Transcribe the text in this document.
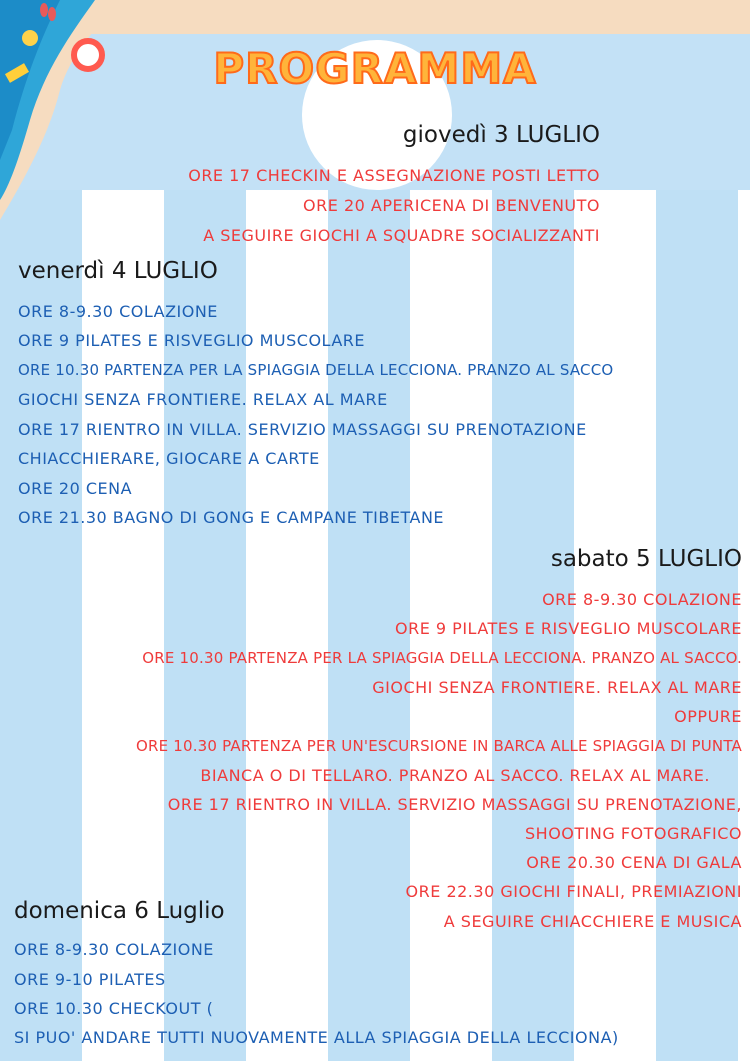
PROGRAMMA
giovedì 3 LUGLIO
ORE 17 CHECKIN E ASSEGNAZIONE POSTI LETTO
ORE 20 APERICENA DI BENVENUTO
A SEGUIRE GIOCHI A SQUADRE SOCIALIZZANTI
venerdì 4 LUGLIO
ORE 8-9.30 COLAZIONE
ORE 9 PILATES E RISVEGLIO MUSCOLARE
ORE 10.30 PARTENZA PER LA SPIAGGIA DELLA LECCIONA. PRANZO AL SACCO
GIOCHI SENZA FRONTIERE. RELAX AL MARE
ORE 17 RIENTRO IN VILLA. SERVIZIO MASSAGGI SU PRENOTAZIONE
CHIACCHIERARE, GIOCARE A CARTE
ORE 20 CENA
ORE 21.30 BAGNO DI GONG E CAMPANE TIBETANE
sabato 5 LUGLIO
ORE 8-9.30 COLAZIONE
ORE 9 PILATES E RISVEGLIO MUSCOLARE
ORE 10.30 PARTENZA PER LA SPIAGGIA DELLA LECCIONA. PRANZO AL SACCO.
GIOCHI SENZA FRONTIERE. RELAX AL MARE
OPPURE
ORE 10.30 PARTENZA PER UN'ESCURSIONE IN BARCA ALLE SPIAGGIA DI PUNTA
BIANCA O DI TELLARO. PRANZO AL SACCO. RELAX AL MARE.
ORE 17 RIENTRO IN VILLA. SERVIZIO MASSAGGI SU PRENOTAZIONE,
SHOOTING FOTOGRAFICO
ORE 20.30 CENA DI GALA
ORE 22.30 GIOCHI FINALI, PREMIAZIONI
A SEGUIRE CHIACCHIERE E MUSICA
domenica 6 Luglio
ORE 8-9.30 COLAZIONE
ORE 9-10 PILATES
ORE 10.30 CHECKOUT (
SI PUO' ANDARE TUTTI NUOVAMENTE ALLA SPIAGGIA DELLA LECCIONA)
